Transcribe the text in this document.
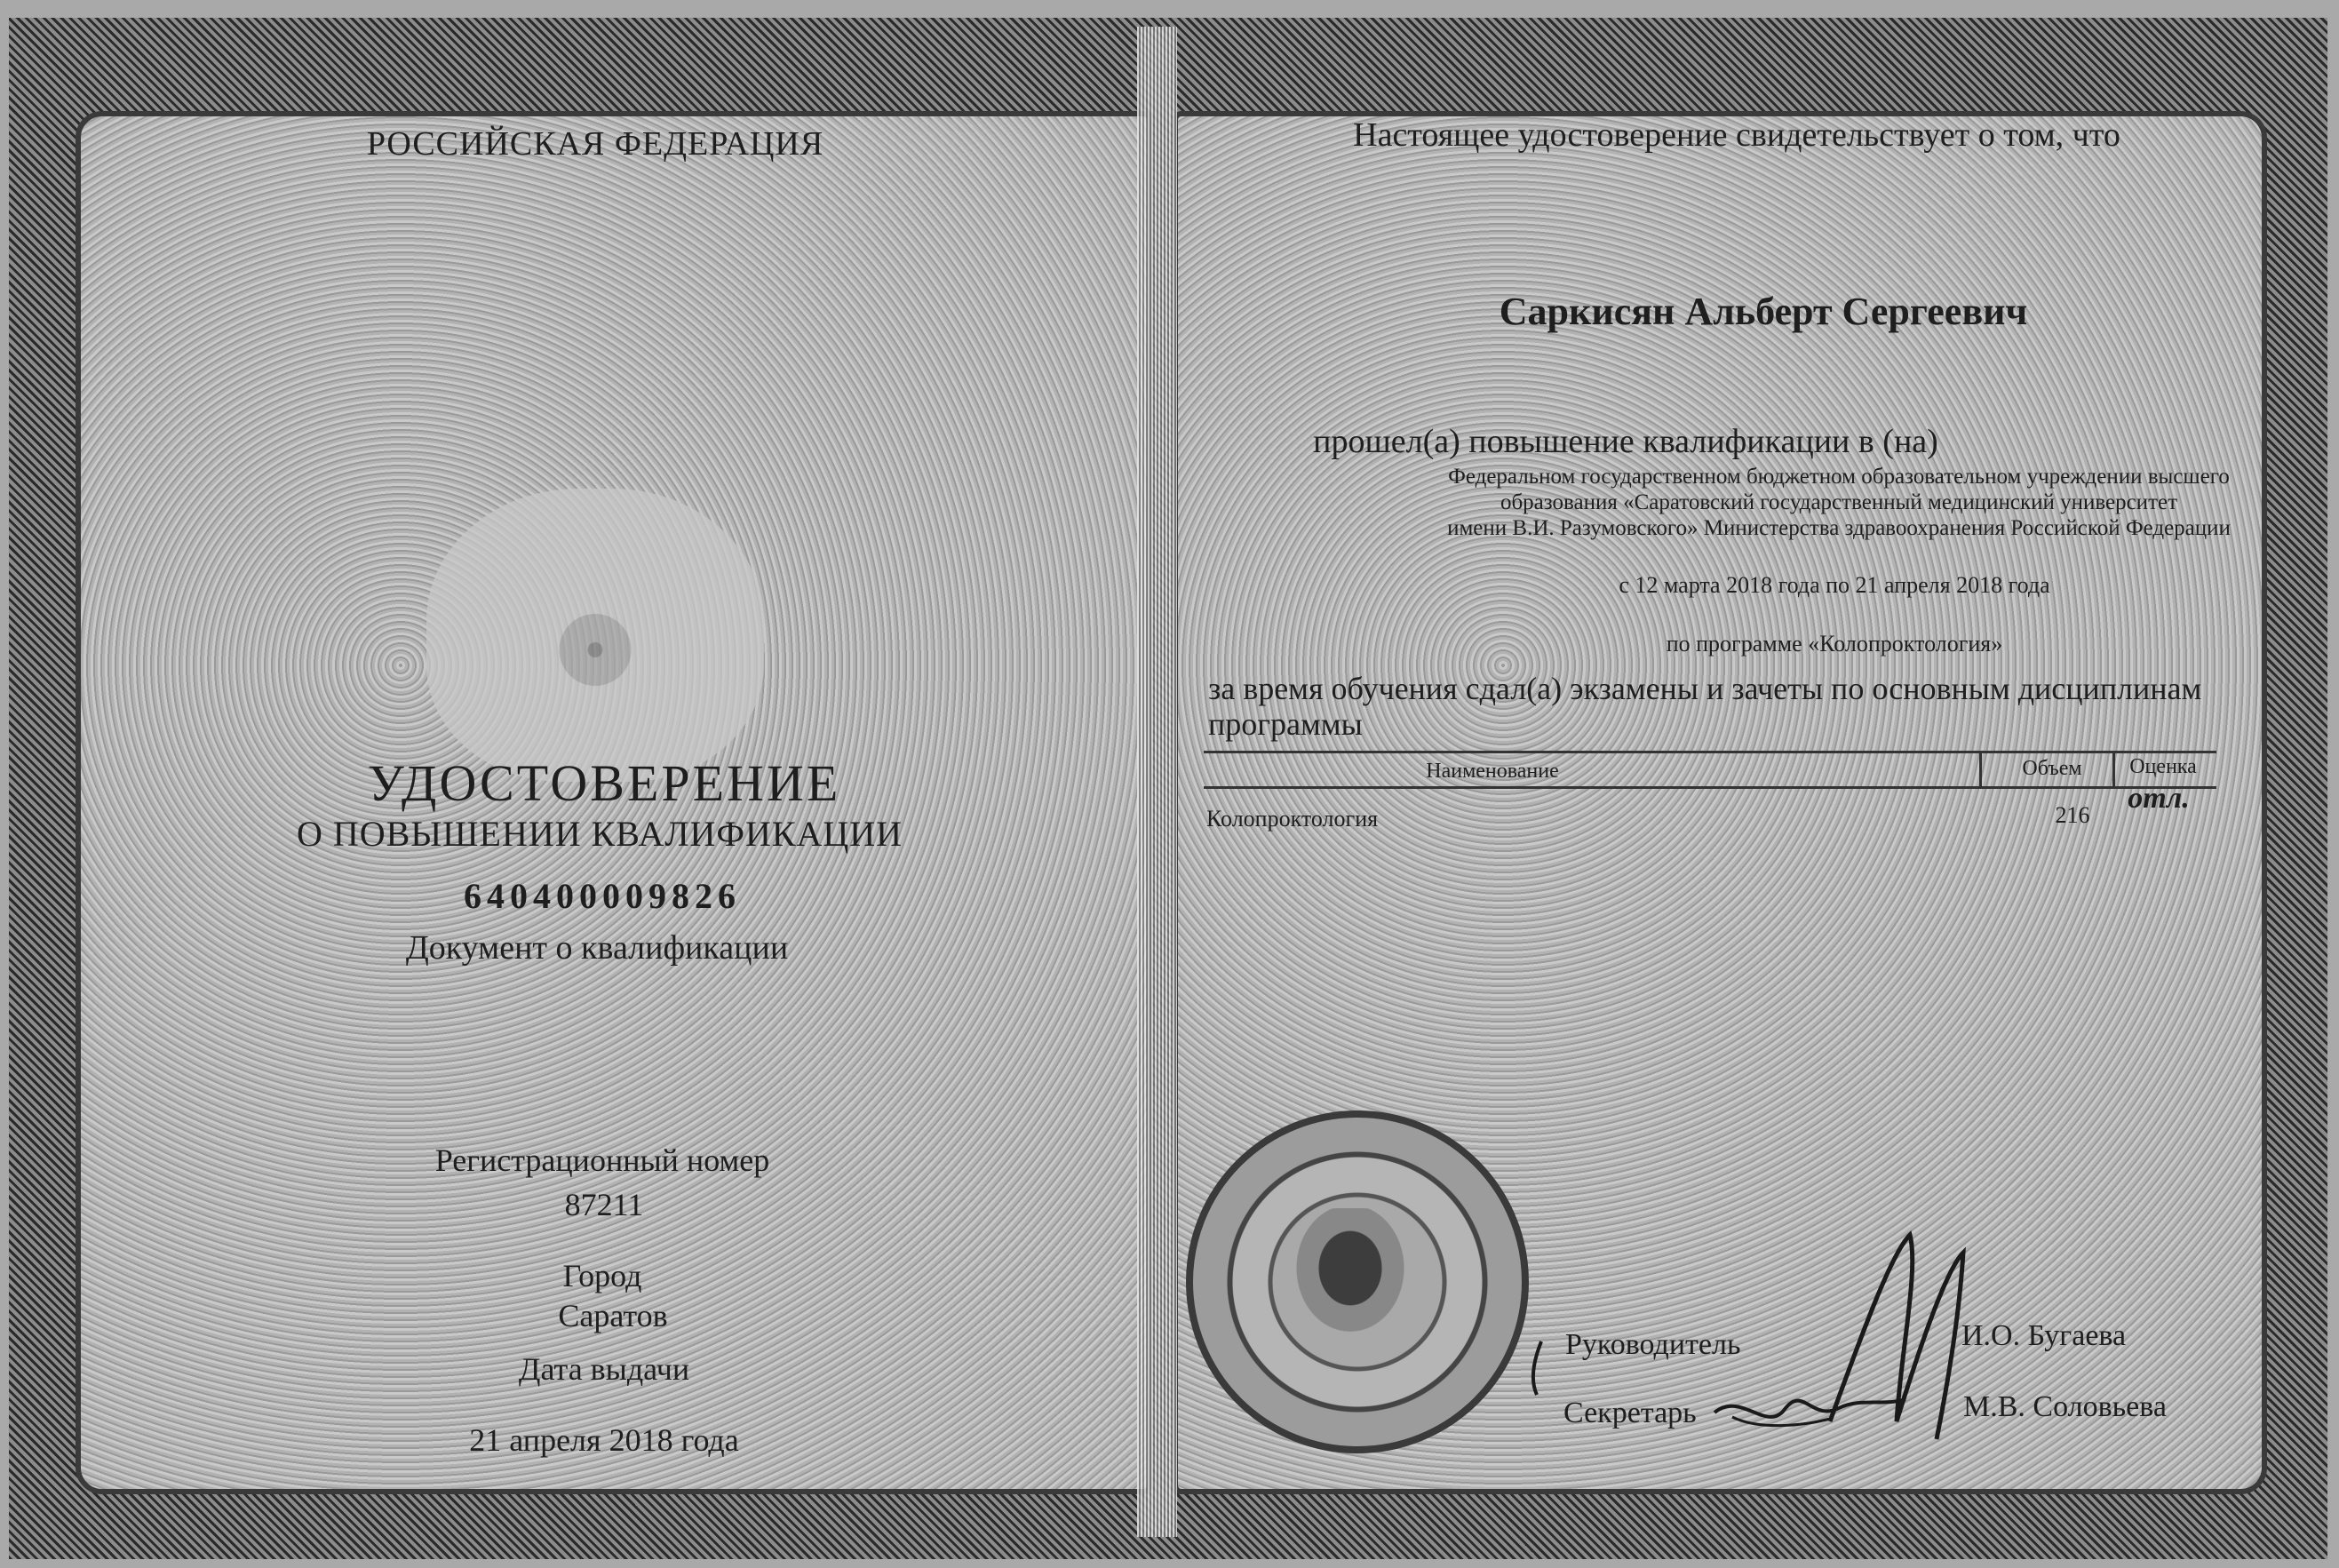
РОССИЙСКАЯ ФЕДЕРАЦИЯ
УДОСТОВЕРЕНИЕ
О ПОВЫШЕНИИ КВАЛИФИКАЦИИ
640400009826
Документ о квалификации
Регистрационный номер
87211
Город
Саратов
Дата выдачи
21 апреля 2018 года
Настоящее удостоверение свидетельствует о том, что
Саркисян Альберт Сергеевич
прошел(а) повышение квалификации в (на)
Федеральном государственном бюджетном образовательном учреждении высшего
образования «Саратовский государственный медицинский университет
имени В.И. Разумовского» Министерства здравоохранения Российской Федерации
с 12 марта 2018 года по 21 апреля 2018 года
по программе «Колопроктология»
за время обучения сдал(а) экзамены и зачеты по основным дисциплинам
программы
Наименование	Объем Оценка
Колопроктология	216
отл.
Руководитель	И.О. Бугаева
Секретарь	М.В. Соловьева
